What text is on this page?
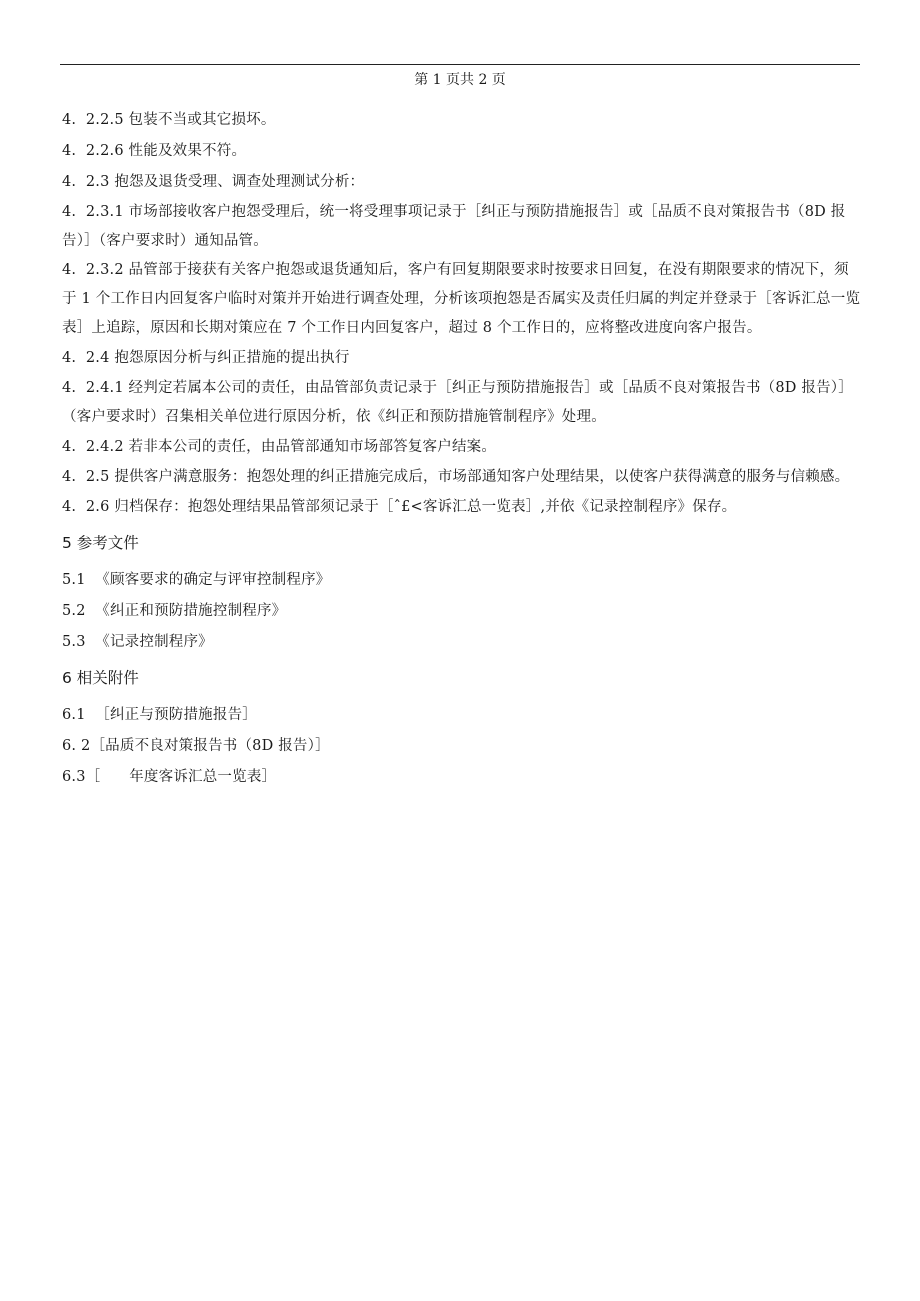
第 1 页共 2 页

4.  2.2.5 包装不当或其它损坏。

4.  2.2.6 性能及效果不符。

4.  2.3 抱怨及退货受理、调查处理测试分析：

4.  2.3.1 市场部接收客户抱怨受理后，统一将受理事项记录于［纠正与预防措施报告］或［品质不良对策报告书（8D 报告）］（客户要求时）通知品管。

4.  2.3.2 品管部于接获有关客户抱怨或退货通知后，客户有回复期限要求时按要求日回复，在没有期限要求的情况下，须于 1 个工作日内回复客户临时对策并开始进行调查处理，分析该项抱怨是否属实及责任归属的判定并登录于［客诉汇总一览表］上追踪，原因和长期对策应在 7 个工作日内回复客户，超过 8 个工作日的，应将整改进度向客户报告。

4.  2.4 抱怨原因分析与纠正措施的提出执行

4.  2.4.1 经判定若属本公司的责任，由品管部负责记录于［纠正与预防措施报告］或［品质不良对策报告书（8D 报告）］（客户要求时）召集相关单位进行原因分析，依《纠正和预防措施管制程序》处理。

4.  2.4.2 若非本公司的责任，由品管部通知市场部答复客户结案。

4.  2.5 提供客户满意服务：抱怨处理的纠正措施完成后，市场部通知客户处理结果，以使客户获得满意的服务与信赖感。

4.  2.6 归档保存：抱怨处理结果品管部须记录于［ˆ£<客诉汇总一览表］,并依《记录控制程序》保存。

5 参考文件

5.1  《顾客要求的确定与评审控制程序》

5.2  《纠正和预防措施控制程序》

5.3  《记录控制程序》

6 相关附件

6.1  ［纠正与预防措施报告］

6. 2［品质不良对策报告书（8D 报告）］

6.3［      年度客诉汇总一览表］
